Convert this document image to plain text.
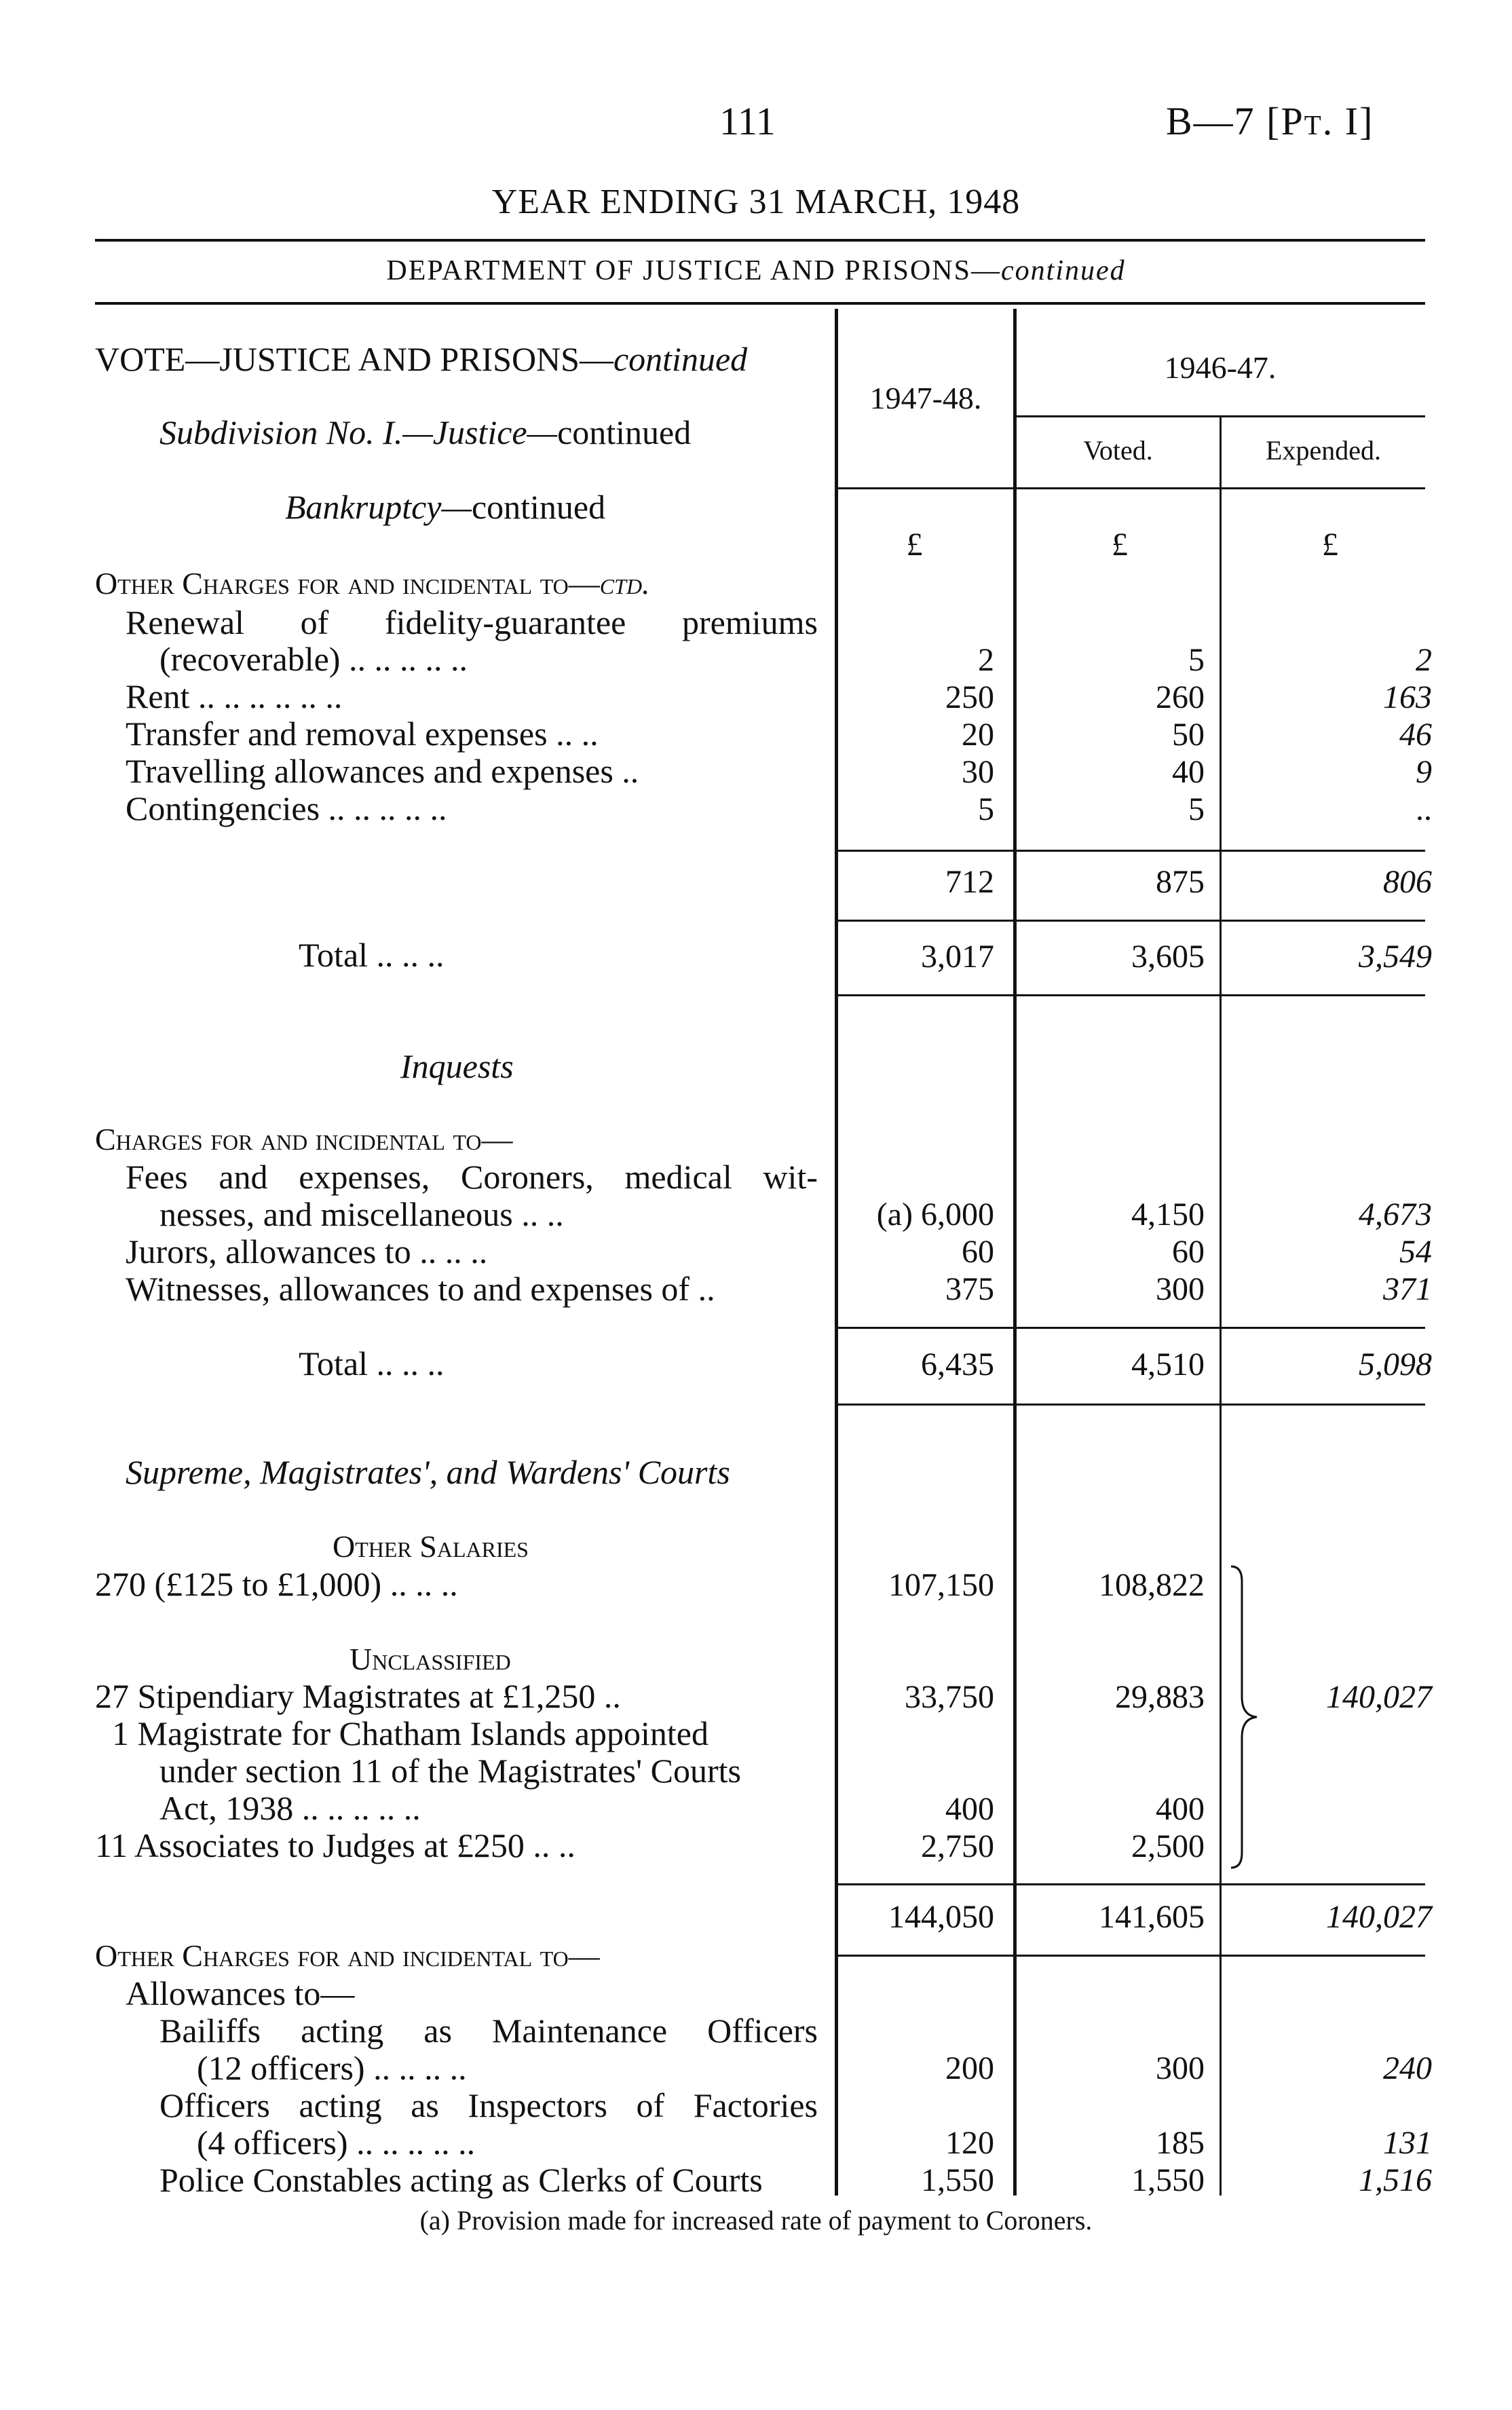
111	B—7 [Pt. I]
YEAR ENDING 31 MARCH, 1948
DEPARTMENT OF JUSTICE AND PRISONS—continued
1947-48.
1946-47.
Voted.	Expended.
£	£	£
VOTE—JUSTICE AND PRISONS—continued
Subdivision No. I.—Justice—continued
Bankruptcy—continued
Other Charges for and incidental to—ctd.
Renewal of fidelity-guarantee premiums
(recoverable) .. .. .. .. ..	2	5	2
Rent .. .. .. .. .. ..	250	260	163
Transfer and removal expenses .. ..	20	50	46
Travelling allowances and expenses ..	30	40	9
Contingencies .. .. .. .. ..	5	5	..
712	875	806
Total .. .. ..	3,017	3,605	3,549
Inquests
Charges for and incidental to—
Fees and expenses, Coroners, medical wit-
nesses, and miscellaneous .. ..	(a) 6,000	4,150	4,673
Jurors, allowances to .. .. ..	60	60	54
Witnesses, allowances to and expenses of ..	375	300	371
Total .. .. ..	6,435	4,510	5,098
Supreme, Magistrates', and Wardens' Courts
Other Salaries
270 (£125 to £1,000) .. .. ..	107,150	108,822
Unclassified
27 Stipendiary Magistrates at £1,250 ..	33,750	29,883	140,027
1 Magistrate for Chatham Islands appointed
under section 11 of the Magistrates' Courts
Act, 1938 .. .. .. .. ..	400	400
11 Associates to Judges at £250 .. ..	2,750	2,500
144,050	141,605	140,027
Other Charges for and incidental to—
Allowances to—
Bailiffs acting as Maintenance Officers
(12 officers) .. .. .. ..	200	300	240
Officers acting as Inspectors of Factories
(4 officers) .. .. .. .. ..	120	185	131
Police Constables acting as Clerks of Courts	1,550	1,550	1,516
(a) Provision made for increased rate of payment to Coroners.
